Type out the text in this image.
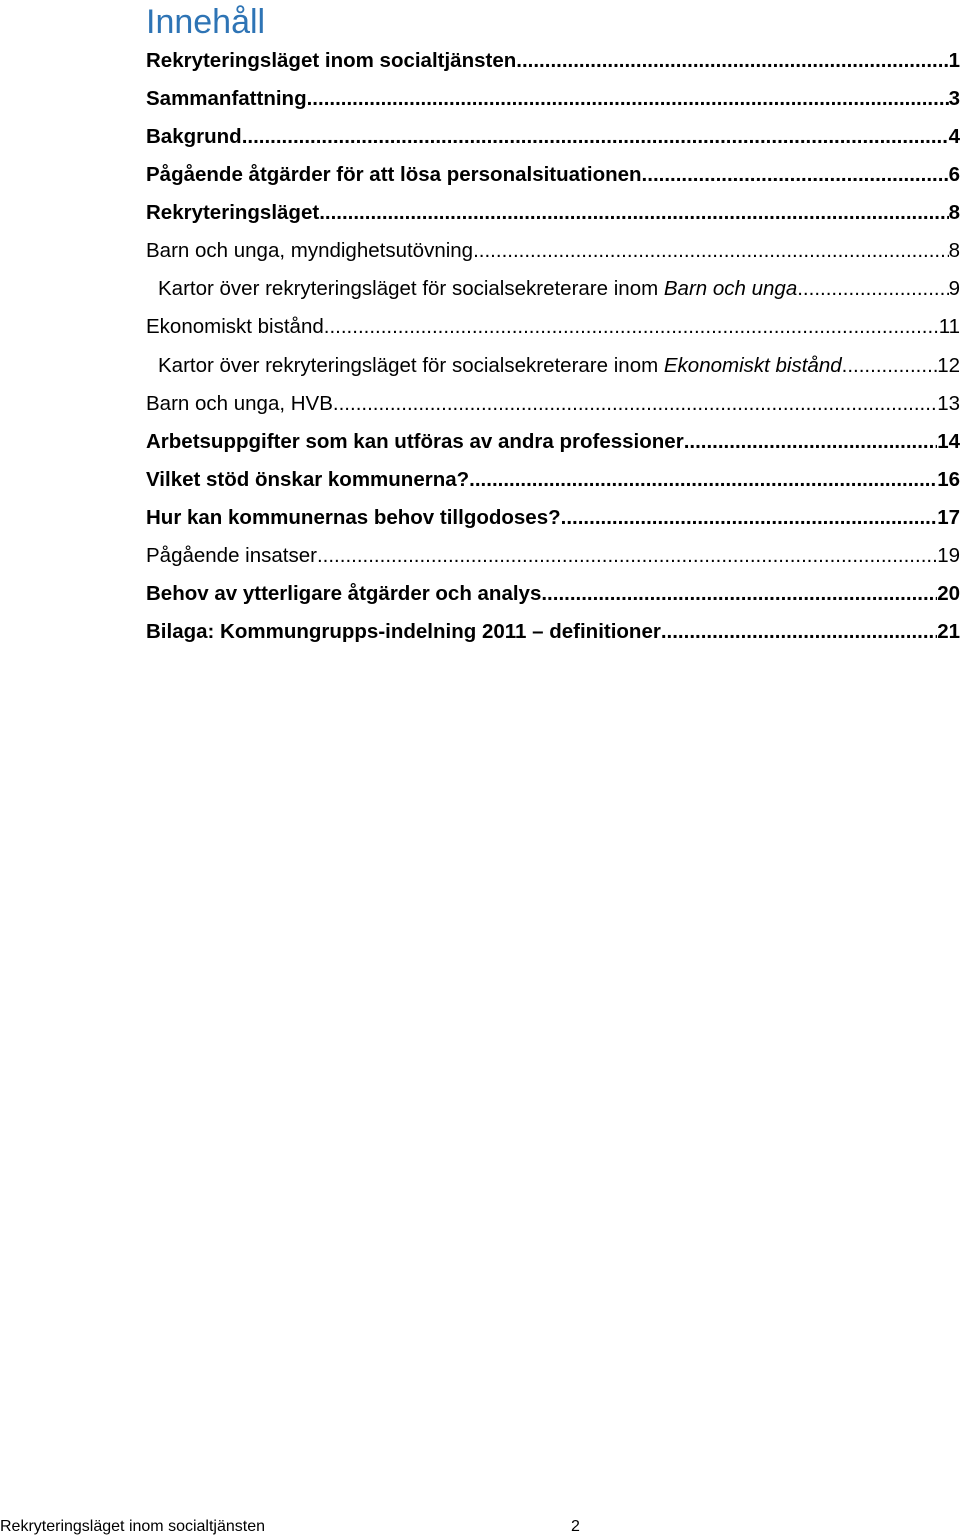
Innehåll
Rekryteringsläget inom socialtjänsten .....	1
Sammanfattning .....	3
Bakgrund .....	4
Pågående åtgärder för att lösa personalsituationen .....	6
Rekryteringsläget .....	8
Barn och unga, myndighetsutövning .....	8
Kartor över rekryteringsläget för socialsekreterare inom Barn och unga .....	9
Ekonomiskt bistånd .....	11
Kartor över rekryteringsläget för socialsekreterare inom Ekonomiskt bistånd .....	12
Barn och unga, HVB .....	13
Arbetsuppgifter som kan utföras av andra professioner .....	14
Vilket stöd önskar kommunerna? .....	16
Hur kan kommunernas behov tillgodoses? .....	17
Pågående insatser .....	19
Behov av ytterligare åtgärder och analys .....	20
Bilaga: Kommungrupps-indelning 2011 – definitioner .....	21
Rekryteringsläget inom socialtjänsten	2
